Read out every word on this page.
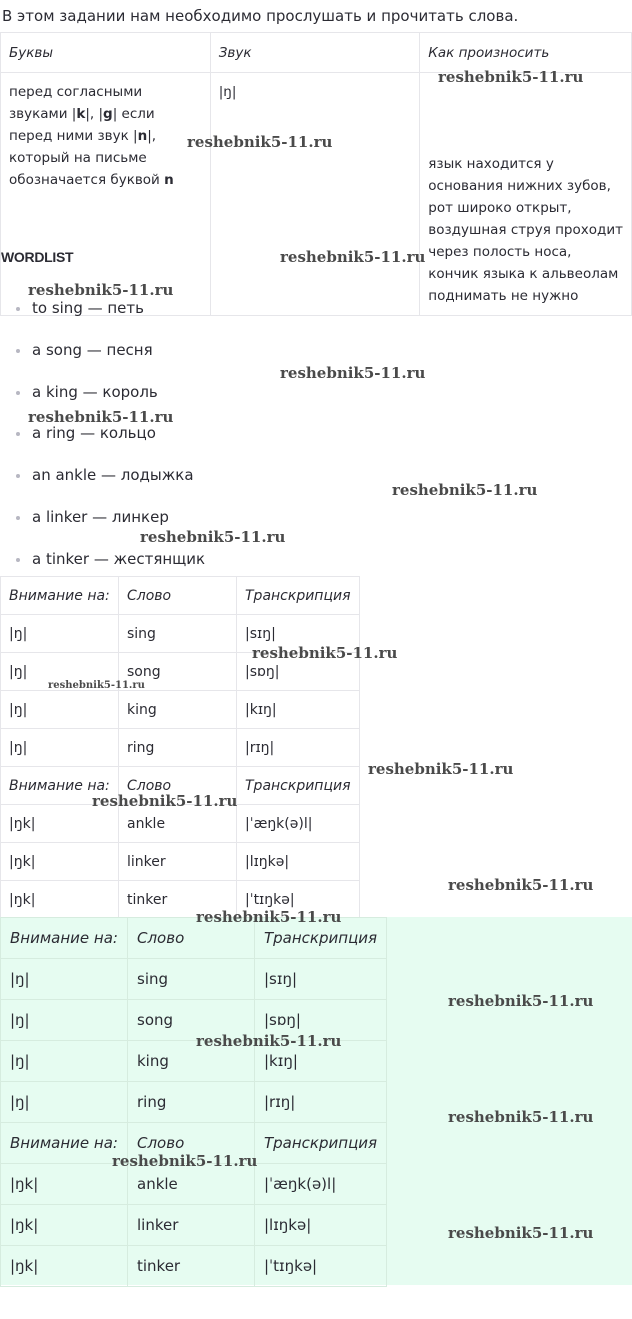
В этом задании нам необходимо прослушать и прочитать слова.
Буквы	Звук	Как произносить
перед согласными звуками |k|, |g| если перед ними звук |n|, который на письме обозначается буквой n	|ŋ|	язык находится у основания нижних зубов, рот широко открыт, воздушная струя проходит через полость носа, кончик языка к альвеолам поднимать не нужно
WORDLIST
to sing — петь
a song — песня
a king — король
a ring — кольцо
an ankle — лодыжка
a linker — линкер
a tinker — жестянщик
Внимание на:	Слово	Транскрипция
|ŋ|	sing	|sɪŋ|
|ŋ|	song	|sɒŋ|
|ŋ|	king	|kɪŋ|
|ŋ|	ring	|rɪŋ|
Внимание на:	Слово	Транскрипция
|ŋk|	ankle	|ˈæŋk(ə)l|
|ŋk|	linker	|lɪŋkə|
|ŋk|	tinker	|ˈtɪŋkə|
Внимание на:	Слово	Транскрипция
|ŋ|	sing	|sɪŋ|
|ŋ|	song	|sɒŋ|
|ŋ|	king	|kɪŋ|
|ŋ|	ring	|rɪŋ|
Внимание на:	Слово	Транскрипция
|ŋk|	ankle	|ˈæŋk(ə)l|
|ŋk|	linker	|lɪŋkə|
|ŋk|	tinker	|ˈtɪŋkə|
reshebnik5-11.ru
reshebnik5-11.ru
reshebnik5-11.ru
reshebnik5-11.ru
reshebnik5-11.ru
reshebnik5-11.ru
reshebnik5-11.ru
reshebnik5-11.ru
reshebnik5-11.ru
reshebnik5-11.ru
reshebnik5-11.ru
reshebnik5-11.ru
reshebnik5-11.ru
reshebnik5-11.ru
reshebnik5-11.ru
reshebnik5-11.ru
reshebnik5-11.ru
reshebnik5-11.ru
reshebnik5-11.ru
